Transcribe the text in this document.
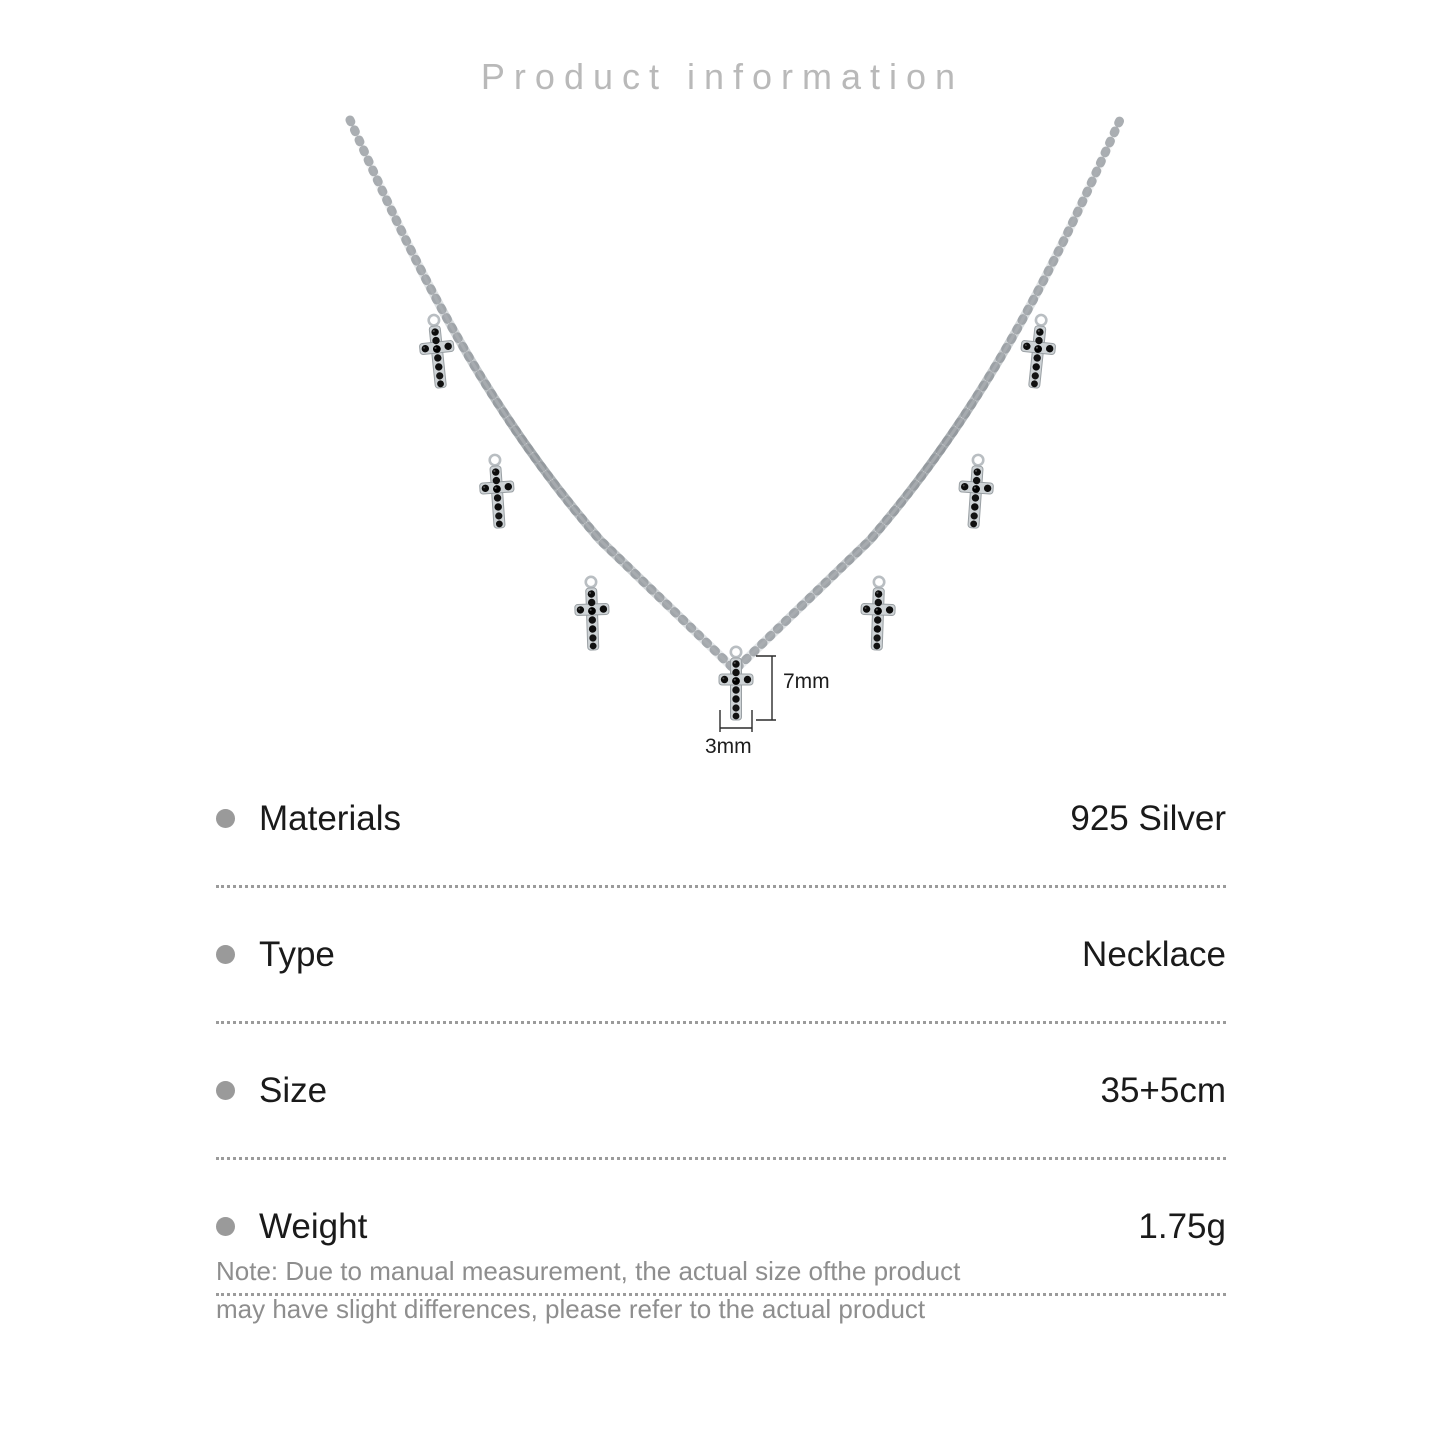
Product information
7mm
3mm
Materials	925 Silver
Type	Necklace
Size	35+5cm
Weight	1.75g
Note: Due to manual measurement, the actual size ofthe product
may have slight differences, please refer to the actual product
